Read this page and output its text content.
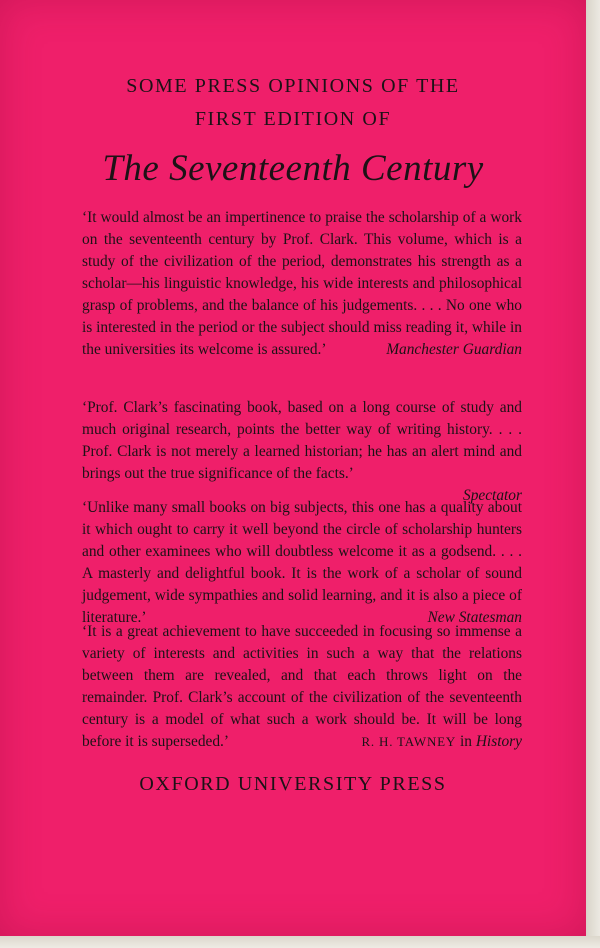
SOME PRESS OPINIONS OF THE
FIRST EDITION OF
The Seventeenth Century
‘It would almost be an impertinence to praise the scholarship of a work on the seventeenth century by Prof. Clark. This volume, which is a study of the civilization of the period, demonstrates his strength as a scholar—his linguistic knowledge, his wide interests and philosophical grasp of problems, and the balance of his judgements. . . . No one who is interested in the period or the subject should miss reading it, while in the universities its welcome is assured.’	Manchester Guardian
‘Prof. Clark’s fascinating book, based on a long course of study and much original research, points the better way of writing history. . . . Prof. Clark is not merely a learned historian; he has an alert mind and brings out the true significance of the facts.’
Spectator
‘Unlike many small books on big subjects, this one has a quality about it which ought to carry it well beyond the circle of scholarship hunters and other examinees who will doubtless welcome it as a godsend. . . . A masterly and delightful book. It is the work of a scholar of sound judgement, wide sympathies and solid learning, and it is also a piece of literature.’	New Statesman
‘It is a great achievement to have succeeded in focusing so immense a variety of interests and activities in such a way that the relations between them are revealed, and that each throws light on the remainder. Prof. Clark’s account of the civilization of the seventeenth century is a model of what such a work should be. It will be long before it is superseded.’	R. H. TAWNEY in History
OXFORD UNIVERSITY PRESS
